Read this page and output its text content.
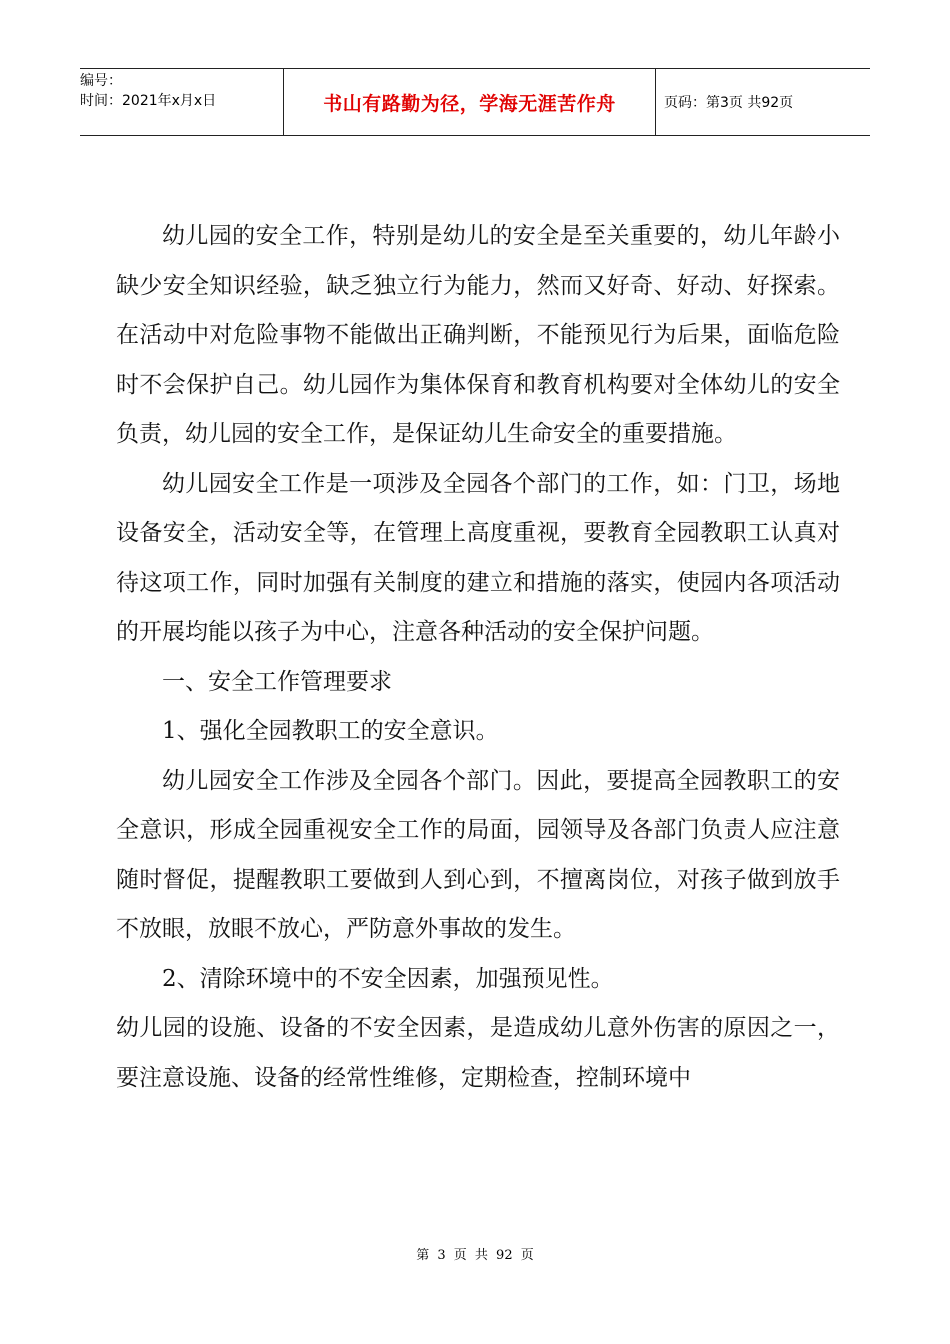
编号：
时间：2021年x月x日	书山有路勤为径，学海无涯苦作舟	页码：第3页 共92页

幼儿园的安全工作，特别是幼儿的安全是至关重要的，幼儿年龄小缺少安全知识经验，缺乏独立行为能力，然而又好奇、好动、好探索。在活动中对危险事物不能做出正确判断，不能预见行为后果，面临危险时不会保护自己。幼儿园作为集体保育和教育机构要对全体幼儿的安全负责，幼儿园的安全工作，是保证幼儿生命安全的重要措施。

幼儿园安全工作是一项涉及全园各个部门的工作，如：门卫，场地设备安全，活动安全等，在管理上高度重视，要教育全园教职工认真对待这项工作，同时加强有关制度的建立和措施的落实，使园内各项活动的开展均能以孩子为中心，注意各种活动的安全保护问题。

一、安全工作管理要求

1、强化全园教职工的安全意识。

幼儿园安全工作涉及全园各个部门。因此，要提高全园教职工的安全意识，形成全园重视安全工作的局面，园领导及各部门负责人应注意随时督促，提醒教职工要做到人到心到，不擅离岗位，对孩子做到放手不放眼，放眼不放心，严防意外事故的发生。

2、清除环境中的不安全因素，加强预见性。

幼儿园的设施、设备的不安全因素，是造成幼儿意外伤害的原因之一，要注意设施、设备的经常性维修，定期检查，控制环境中

第 3 页 共 92 页
